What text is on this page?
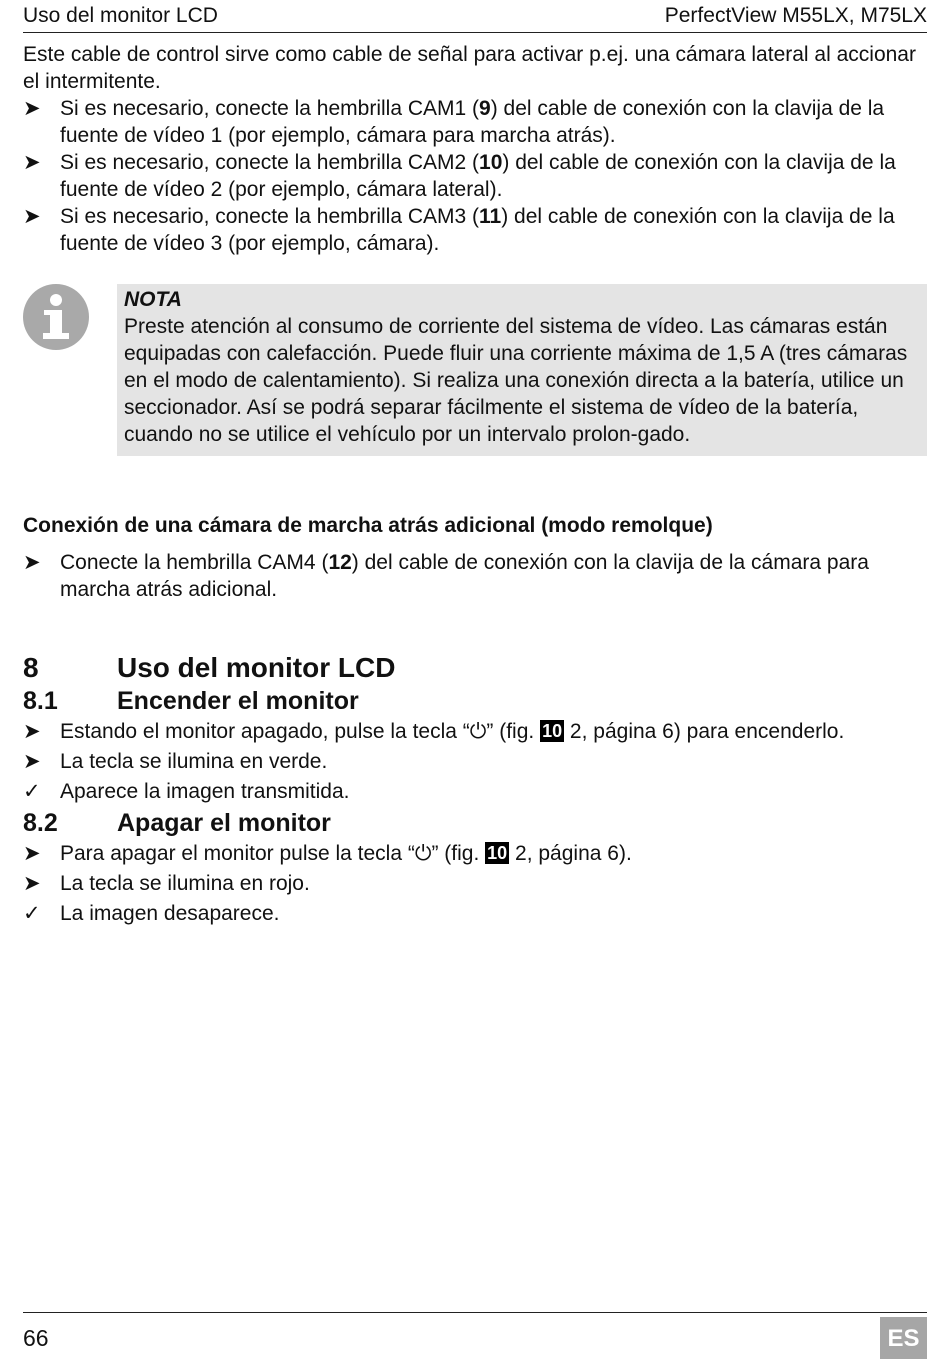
Uso del monitor LCD	PerfectView M55LX, M75LX

Este cable de control sirve como cable de señal para activar p.ej. una cámara lateral al accionar el intermitente.

➤ Si es necesario, conecte la hembrilla CAM1 (9) del cable de conexión con la clavija de la fuente de vídeo 1 (por ejemplo, cámara para marcha atrás).
➤ Si es necesario, conecte la hembrilla CAM2 (10) del cable de conexión con la clavija de la fuente de vídeo 2 (por ejemplo, cámara lateral).
➤ Si es necesario, conecte la hembrilla CAM3 (11) del cable de conexión con la clavija de la fuente de vídeo 3 (por ejemplo, cámara).
NOTA
Preste atención al consumo de corriente del sistema de vídeo. Las cámaras están equipadas con calefacción. Puede fluir una corriente máxima de 1,5 A (tres cámaras en el modo de calentamiento). Si realiza una conexión directa a la batería, utilice un seccionador. Así se podrá separar fácilmente el sistema de vídeo de la batería, cuando no se utilice el vehículo por un intervalo prolon-gado.
Conexión de una cámara de marcha atrás adicional (modo remolque)
➤ Conecte la hembrilla CAM4 (12) del cable de conexión con la clavija de la cámara para marcha atrás adicional.
8	Uso del monitor LCD
8.1	Encender el monitor
➤ Estando el monitor apagado, pulse la tecla “⏻” (fig. 10 2, página 6) para encenderlo.
➤ La tecla se ilumina en verde.
✓ Aparece la imagen transmitida.
8.2	Apagar el monitor
➤ Para apagar el monitor pulse la tecla “⏻” (fig. 10 2, página 6).
➤ La tecla se ilumina en rojo.
✓ La imagen desaparece.
66	ES
